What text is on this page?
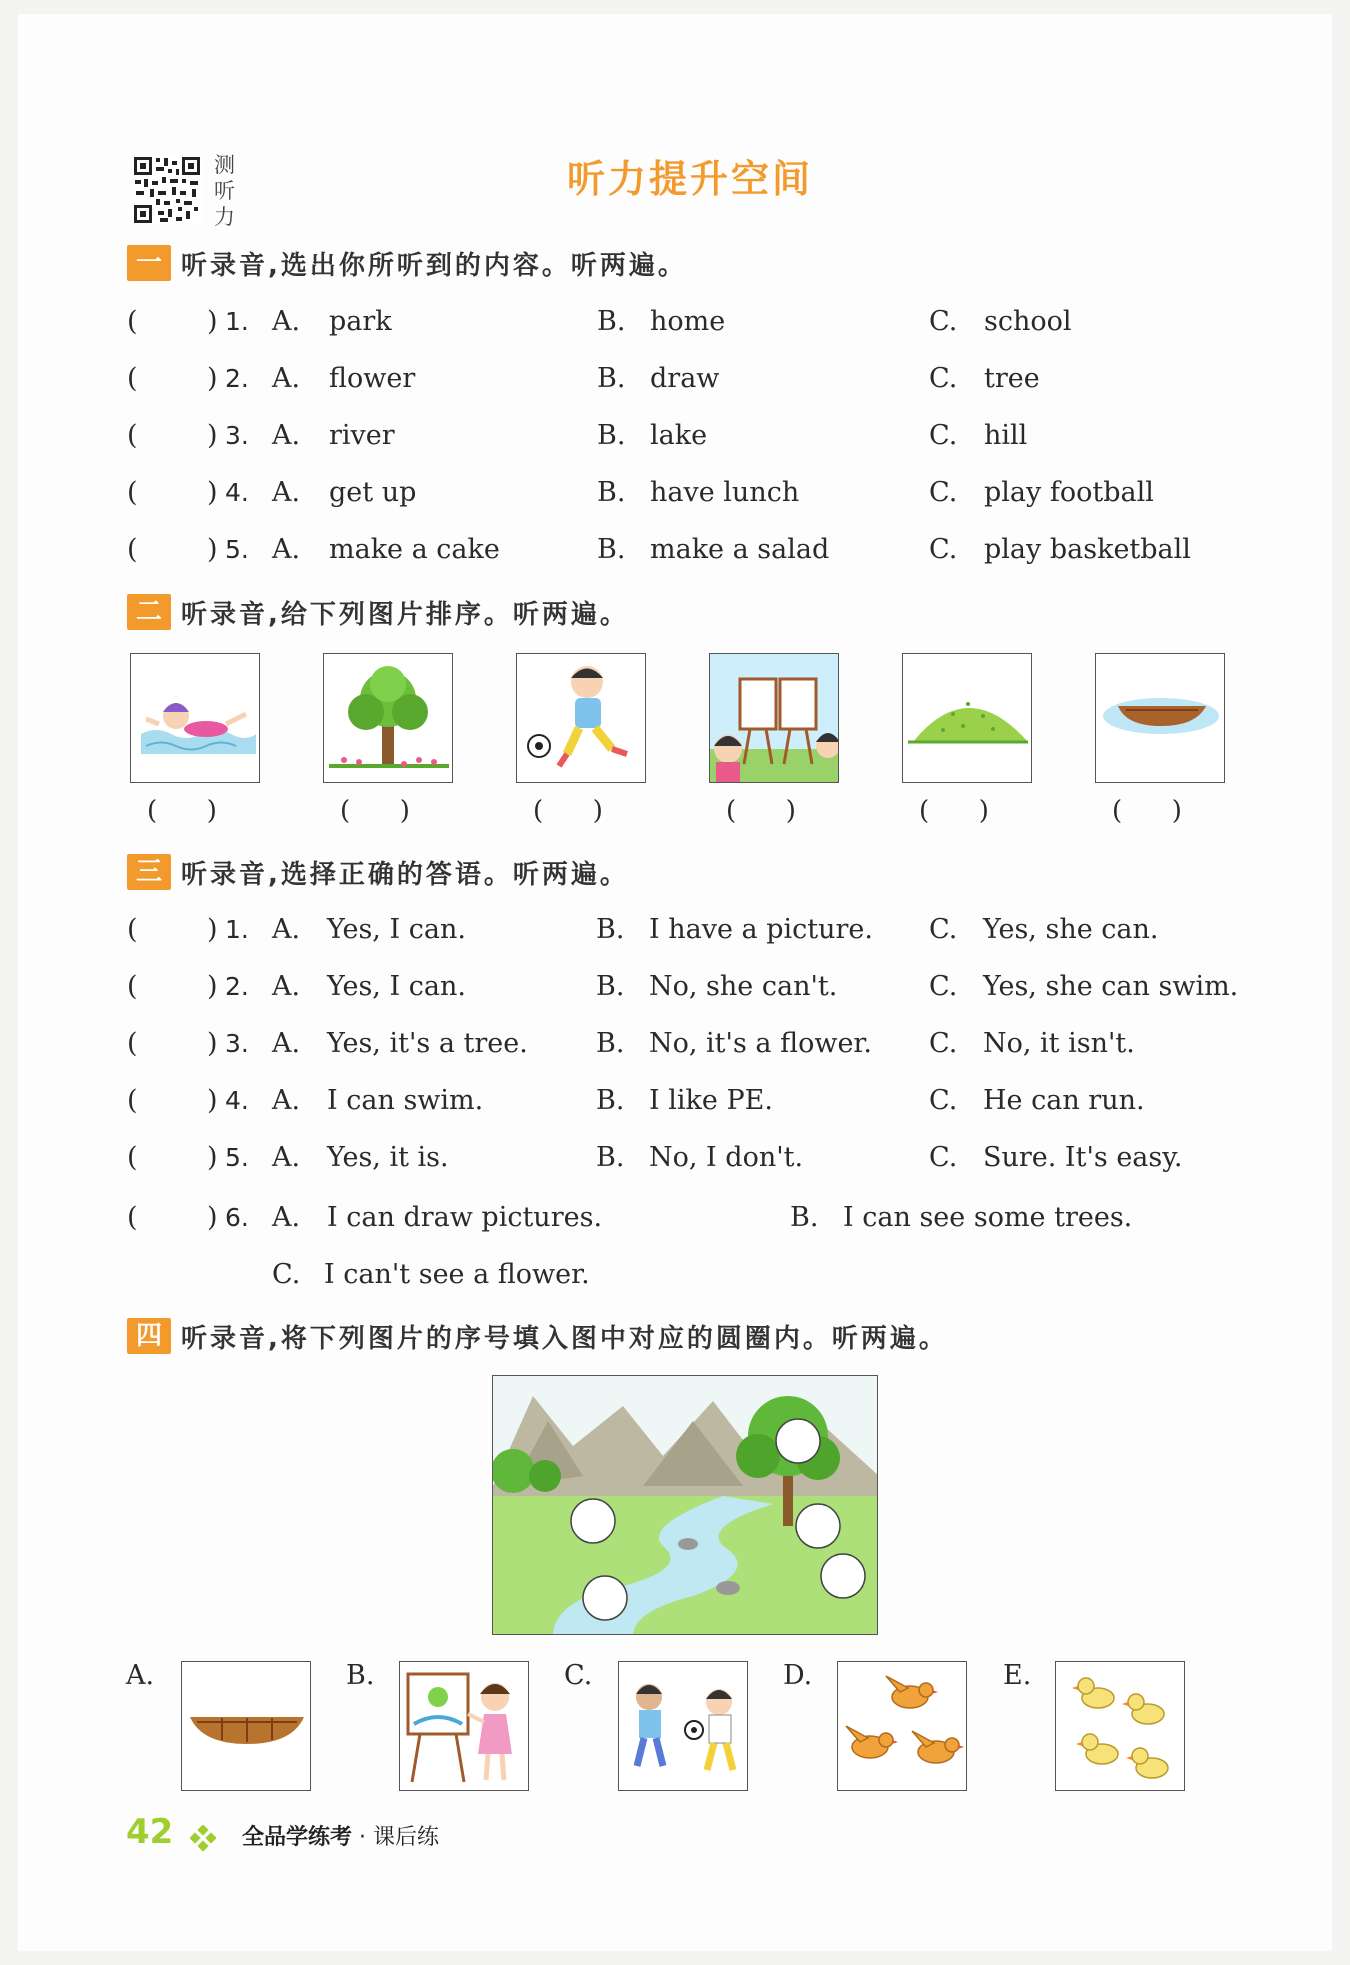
测
听
力
听力提升空间
一 听录音,选出你所听到的内容。听两遍。
(	) 1. A. park	B. home	C. school
(	) 2. A. flower	B. draw	C. tree
(	) 3. A. river	B. lake	C. hill
(	) 4. A. get up	B. have lunch	C. play football
(	) 5. A. make a cake	B. make a salad	C. play basketball
二 听录音,给下列图片排序。听两遍。
(      )	(      )	(      )	(      )	(      )	(      )
三 听录音,选择正确的答语。听两遍。
(	) 1. A. Yes, I can.	B. I have a picture. C. Yes, she can.
(	) 2. A. Yes, I can.	B. No, she can't.	C. Yes, she can swim.
(	) 3. A. Yes, it's a tree.	B. No, it's a flower. C. No, it isn't.
(	) 4. A. I can swim.	B. I like PE.	C. He can run.
(	) 5. A. Yes, it is.	B. No, I don't.	C. Sure. It's easy.
(	) 6. A. I can draw pictures.	B. I can see some trees.
C. I can't see a flower.
四 听录音,将下列图片的序号填入图中对应的圆圈内。听两遍。
A.	B.	C.	D.	E.
42	全品学练考 · 课后练
